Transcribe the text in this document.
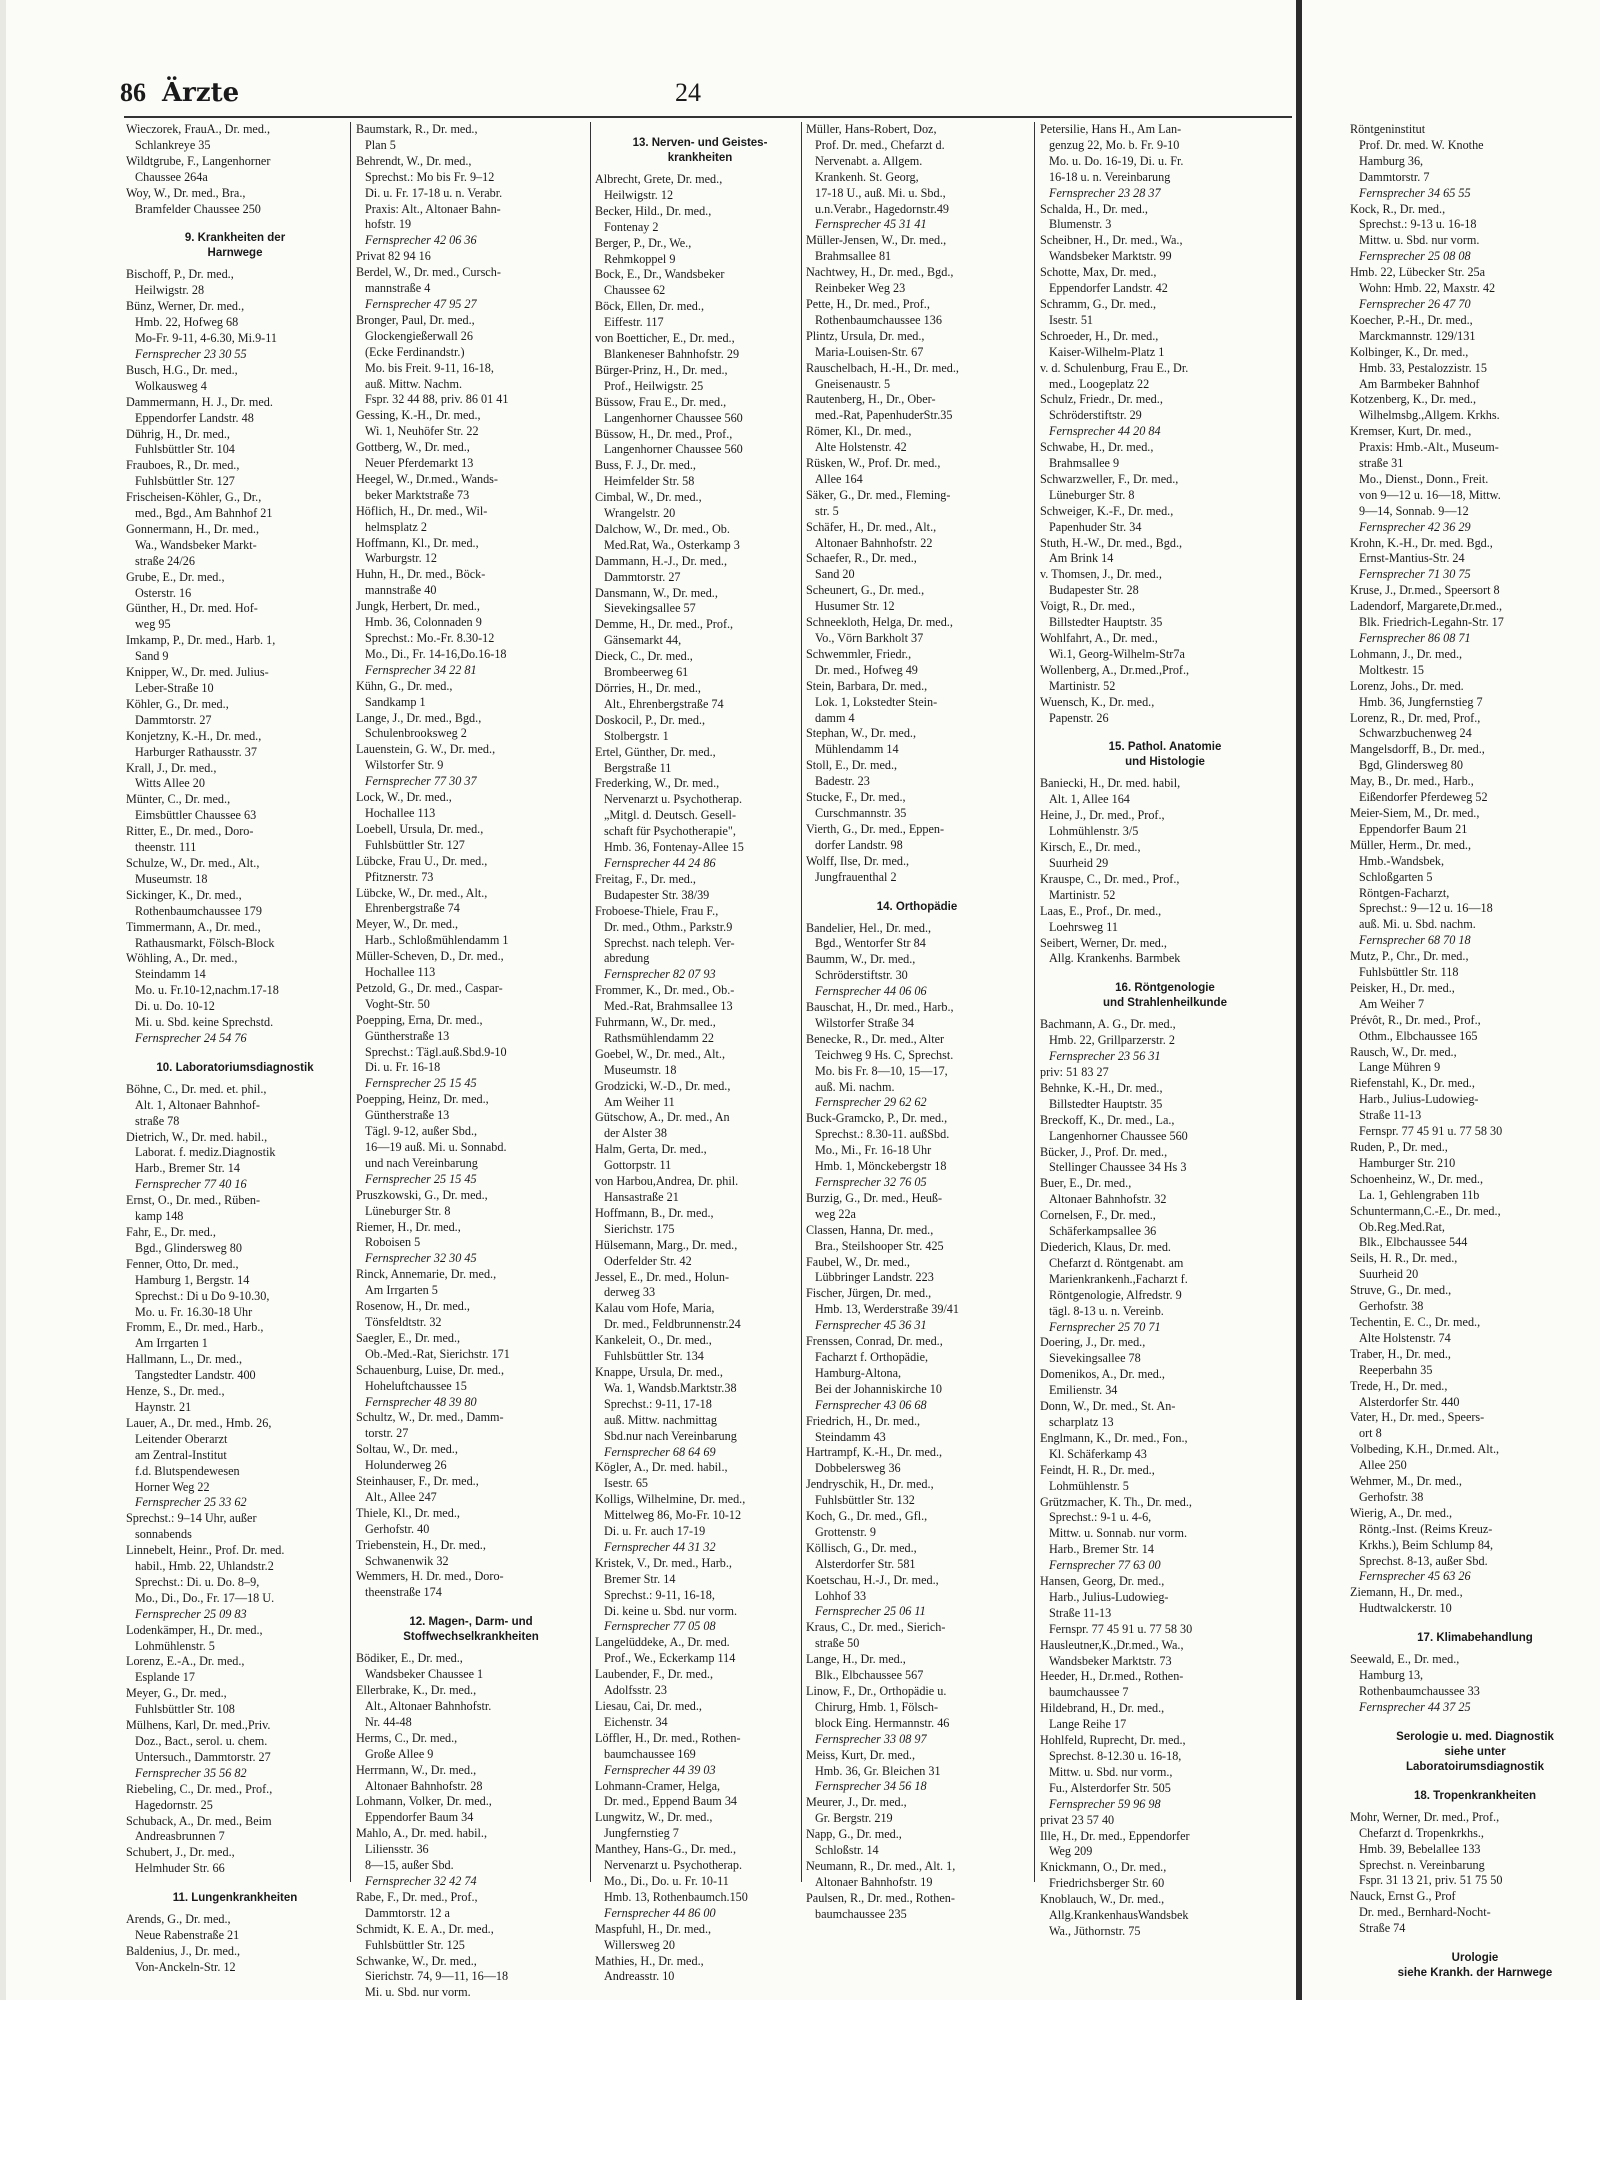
86 Ärzte	24
Wieczorek, FrauA., Dr. med.,
Schlankreye 35
Wildtgrube, F., Langenhorner
Chaussee 264a
Woy, W., Dr. med., Bra.,
Bramfelder Chaussee 250
9. Krankheiten der
Harnwege
Bischoff, P., Dr. med.,
Heilwigstr. 28
Bünz, Werner, Dr. med.,
Hmb. 22, Hofweg 68
Mo-Fr. 9-11, 4-6.30, Mi.9-11
Fernsprecher 23 30 55
Busch, H.G., Dr. med.,
Wolkausweg 4
Dammermann, H. J., Dr. med.
Eppendorfer Landstr. 48
Dührig, H., Dr. med.,
Fuhlsbüttler Str. 104
Frauboes, R., Dr. med.,
Fuhlsbüttler Str. 127
Frischeisen-Köhler, G., Dr.,
med., Bgd., Am Bahnhof 21
Gonnermann, H., Dr. med.,
Wa., Wandsbeker Markt-
straße 24/26
Grube, E., Dr. med.,
Osterstr. 16
Günther, H., Dr. med. Hof-
weg 95
Imkamp, P., Dr. med., Harb. 1,
Sand 9
Knipper, W., Dr. med. Julius-
Leber-Straße 10
Köhler, G., Dr. med.,
Dammtorstr. 27
Konjetzny, K.-H., Dr. med.,
Harburger Rathausstr. 37
Krall, J., Dr. med.,
Witts Allee 20
Münter, C., Dr. med.,
Eimsbüttler Chaussee 63
Ritter, E., Dr. med., Doro-
theenstr. 111
Schulze, W., Dr. med., Alt.,
Museumstr. 18
Sickinger, K., Dr. med.,
Rothenbaumchaussee 179
Timmermann, A., Dr. med.,
Rathausmarkt, Fölsch-Block
Wöhling, A., Dr. med.,
Steindamm 14
Mo. u. Fr.10-12,nachm.17-18
Di. u. Do. 10-12
Mi. u. Sbd. keine Sprechstd.
Fernsprecher 24 54 76
10. Laboratoriumsdiagnostik
Böhne, C., Dr. med. et. phil.,
Alt. 1, Altonaer Bahnhof-
straße 78
Dietrich, W., Dr. med. habil.,
Laborat. f. mediz.Diagnostik
Harb., Bremer Str. 14
Fernsprecher 77 40 16
Ernst, O., Dr. med., Rüben-
kamp 148
Fahr, E., Dr. med.,
Bgd., Glindersweg 80
Fenner, Otto, Dr. med.,
Hamburg 1, Bergstr. 14
Sprechst.: Di u Do 9-10.30,
Mo. u. Fr. 16.30-18 Uhr
Fromm, E., Dr. med., Harb.,
Am Irrgarten 1
Hallmann, L., Dr. med.,
Tangstedter Landstr. 400
Henze, S., Dr. med.,
Haynstr. 21
Lauer, A., Dr. med., Hmb. 26,
Leitender Oberarzt
am Zentral-Institut
f.d. Blutspendewesen
Horner Weg 22
Fernsprecher 25 33 62
Sprechst.: 9–14 Uhr, außer
sonnabends
Linnebelt, Heinr., Prof. Dr. med.
habil., Hmb. 22, Uhlandstr.2
Sprechst.: Di. u. Do. 8–9,
Mo., Di., Do., Fr. 17—18 U.
Fernsprecher 25 09 83
Lodenkämper, H., Dr. med.,
Lohmühlenstr. 5
Lorenz, E.-A., Dr. med.,
Esplande 17
Meyer, G., Dr. med.,
Fuhlsbüttler Str. 108
Mülhens, Karl, Dr. med.,Priv.
Doz., Bact., serol. u. chem.
Untersuch., Dammtorstr. 27
Fernsprecher 35 56 82
Riebeling, C., Dr. med., Prof.,
Hagedornstr. 25
Schuback, A., Dr. med., Beim
Andreasbrunnen 7
Schubert, J., Dr. med.,
Helmhuder Str. 66
11. Lungenkrankheiten
Arends, G., Dr. med.,
Neue Rabenstraße 21
Baldenius, J., Dr. med.,
Von-Anckeln-Str. 12
Baumstark, R., Dr. med.,
Plan 5
Behrendt, W., Dr. med.,
Sprechst.: Mo bis Fr. 9–12
Di. u. Fr. 17-18 u. n. Verabr.
Praxis: Alt., Altonaer Bahn-
hofstr. 19
Fernsprecher 42 06 36
Privat 82 94 16
Berdel, W., Dr. med., Cursch-
mannstraße 4
Fernsprecher 47 95 27
Bronger, Paul, Dr. med.,
Glockengießerwall 26
(Ecke Ferdinandstr.)
Mo. bis Freit. 9-11, 16-18,
auß. Mittw. Nachm.
Fspr. 32 44 88, priv. 86 01 41
Gessing, K.-H., Dr. med.,
Wi. 1, Neuhöfer Str. 22
Gottberg, W., Dr. med.,
Neuer Pferdemarkt 13
Heegel, W., Dr.med., Wands-
beker Marktstraße 73
Höflich, H., Dr. med., Wil-
helmsplatz 2
Hoffmann, Kl., Dr. med.,
Warburgstr. 12
Huhn, H., Dr. med., Böck-
mannstraße 40
Jungk, Herbert, Dr. med.,
Hmb. 36, Colonnaden 9
Sprechst.: Mo.-Fr. 8.30-12
Mo., Di., Fr. 14-16,Do.16-18
Fernsprecher 34 22 81
Kühn, G., Dr. med.,
Sandkamp 1
Lange, J., Dr. med., Bgd.,
Schulenbrooksweg 2
Lauenstein, G. W., Dr. med.,
Wilstorfer Str. 9
Fernsprecher 77 30 37
Lock, W., Dr. med.,
Hochallee 113
Loebell, Ursula, Dr. med.,
Fuhlsbüttler Str. 127
Lübcke, Frau U., Dr. med.,
Pfitznerstr. 73
Lübcke, W., Dr. med., Alt.,
Ehrenbergstraße 74
Meyer, W., Dr. med.,
Harb., Schloßmühlendamm 1
Müller-Scheven, D., Dr. med.,
Hochallee 113
Petzold, G., Dr. med., Caspar-
Voght-Str. 50
Poepping, Erna, Dr. med.,
Güntherstraße 13
Sprechst.: Tägl.auß.Sbd.9-10
Di. u. Fr. 16-18
Fernsprecher 25 15 45
Poepping, Heinz, Dr. med.,
Güntherstraße 13
Tägl. 9-12, außer Sbd.,
16—19 auß. Mi. u. Sonnabd.
und nach Vereinbarung
Fernsprecher 25 15 45
Pruszkowski, G., Dr. med.,
Lüneburger Str. 8
Riemer, H., Dr. med.,
Roboisen 5
Fernsprecher 32 30 45
Rinck, Annemarie, Dr. med.,
Am Irrgarten 5
Rosenow, H., Dr. med.,
Tönsfeldtstr. 32
Saegler, E., Dr. med.,
Ob.-Med.-Rat, Sierichstr. 171
Schauenburg, Luise, Dr. med.,
Hoheluftchaussee 15
Fernsprecher 48 39 80
Schultz, W., Dr. med., Damm-
torstr. 27
Soltau, W., Dr. med.,
Holunderweg 26
Steinhauser, F., Dr. med.,
Alt., Allee 247
Thiele, Kl., Dr. med.,
Gerhofstr. 40
Triebenstein, H., Dr. med.,
Schwanenwik 32
Wemmers, H. Dr. med., Doro-
theenstraße 174
12. Magen-, Darm- und
Stoffwechselkrankheiten
Bödiker, E., Dr. med.,
Wandsbeker Chaussee 1
Ellerbrake, K., Dr. med.,
Alt., Altonaer Bahnhofstr.
Nr. 44-48
Herms, C., Dr. med.,
Große Allee 9
Herrmann, W., Dr. med.,
Altonaer Bahnhofstr. 28
Lohmann, Volker, Dr. med.,
Eppendorfer Baum 34
Mahlo, A., Dr. med. habil.,
Liliensstr. 36
8—15, außer Sbd.
Fernsprecher 32 42 74
Rabe, F., Dr. med., Prof.,
Dammtorstr. 12 a
Schmidt, K. E. A., Dr. med.,
Fuhlsbüttler Str. 125
Schwanke, W., Dr. med.,
Sierichstr. 74, 9—11, 16—18
Mi. u. Sbd. nur vorm.
13. Nerven- und Geistes-
krankheiten
Albrecht, Grete, Dr. med.,
Heilwigstr. 12
Becker, Hild., Dr. med.,
Fontenay 2
Berger, P., Dr., We.,
Rehmkoppel 9
Bock, E., Dr., Wandsbeker
Chaussee 62
Böck, Ellen, Dr. med.,
Eiffestr. 117
von Boetticher, E., Dr. med.,
Blankeneser Bahnhofstr. 29
Bürger-Prinz, H., Dr. med.,
Prof., Heilwigstr. 25
Büssow, Frau E., Dr. med.,
Langenhorner Chaussee 560
Büssow, H., Dr. med., Prof.,
Langenhorner Chaussee 560
Buss, F. J., Dr. med.,
Heimfelder Str. 58
Cimbal, W., Dr. med.,
Wrangelstr. 20
Dalchow, W., Dr. med., Ob.
Med.Rat, Wa., Osterkamp 3
Dammann, H.-J., Dr. med.,
Dammtorstr. 27
Dansmann, W., Dr. med.,
Sievekingsallee 57
Demme, H., Dr. med., Prof.,
Gänsemarkt 44,
Dieck, C., Dr. med.,
Brombeerweg 61
Dörries, H., Dr. med.,
Alt., Ehrenbergstraße 74
Doskocil, P., Dr. med.,
Stolbergstr. 1
Ertel, Günther, Dr. med.,
Bergstraße 11
Frederking, W., Dr. med.,
Nervenarzt u. Psychotherap.
„Mitgl. d. Deutsch. Gesell-
schaft für Psychotherapie",
Hmb. 36, Fontenay-Allee 15
Fernsprecher 44 24 86
Freitag, F., Dr. med.,
Budapester Str. 38/39
Froboese-Thiele, Frau F.,
Dr. med., Othm., Parkstr.9
Sprechst. nach teleph. Ver-
abredung
Fernsprecher 82 07 93
Frommer, K., Dr. med., Ob.-
Med.-Rat, Brahmsallee 13
Fuhrmann, W., Dr. med.,
Rathsmühlendamm 22
Goebel, W., Dr. med., Alt.,
Museumstr. 18
Grodzicki, W.-D., Dr. med.,
Am Weiher 11
Gütschow, A., Dr. med., An
der Alster 38
Halm, Gerta, Dr. med.,
Gottorpstr. 11
von Harbou,Andrea, Dr. phil.
Hansastraße 21
Hoffmann, B., Dr. med.,
Sierichstr. 175
Hülsemann, Marg., Dr. med.,
Oderfelder Str. 42
Jessel, E., Dr. med., Holun-
derweg 33
Kalau vom Hofe, Maria,
Dr. med., Feldbrunnenstr.24
Kankeleit, O., Dr. med.,
Fuhlsbüttler Str. 134
Knappe, Ursula, Dr. med.,
Wa. 1, Wandsb.Marktstr.38
Sprechst.: 9-11, 17-18
auß. Mittw. nachmittag
Sbd.nur nach Vereinbarung
Fernsprecher 68 64 69
Kögler, A., Dr. med. habil.,
Isestr. 65
Kolligs, Wilhelmine, Dr. med.,
Mittelweg 86, Mo-Fr. 10-12
Di. u. Fr. auch 17-19
Fernsprecher 44 31 32
Kristek, V., Dr. med., Harb.,
Bremer Str. 14
Sprechst.: 9-11, 16-18,
Di. keine u. Sbd. nur vorm.
Fernsprecher 77 05 08
Langelüddeke, A., Dr. med.
Prof., We., Eckerkamp 114
Laubender, F., Dr. med.,
Adolfsstr. 23
Liesau, Cai, Dr. med.,
Eichenstr. 34
Löffler, H., Dr. med., Rothen-
baumchaussee 169
Fernsprecher 44 39 03
Lohmann-Cramer, Helga,
Dr. med., Eppend Baum 34
Lungwitz, W., Dr. med.,
Jungfernstieg 7
Manthey, Hans-G., Dr. med.,
Nervenarzt u. Psychotherap.
Mo., Di., Do. u. Fr. 10-11
Hmb. 13, Rothenbaumch.150
Fernsprecher 44 86 00
Maspfuhl, H., Dr. med.,
Willersweg 20
Mathies, H., Dr. med.,
Andreasstr. 10
Müller, Hans-Robert, Doz,
Prof. Dr. med., Chefarzt d.
Nervenabt. a. Allgem.
Krankenh. St. Georg,
17-18 U., auß. Mi. u. Sbd.,
u.n.Verabr., Hagedornstr.49
Fernsprecher 45 31 41
Müller-Jensen, W., Dr. med.,
Brahmsallee 81
Nachtwey, H., Dr. med., Bgd.,
Reinbeker Weg 23
Pette, H., Dr. med., Prof.,
Rothenbaumchaussee 136
Plintz, Ursula, Dr. med.,
Maria-Louisen-Str. 67
Rauschelbach, H.-H., Dr. med.,
Gneisenaustr. 5
Rautenberg, H., Dr., Ober-
med.-Rat, PapenhuderStr.35
Römer, Kl., Dr. med.,
Alte Holstenstr. 42
Rüsken, W., Prof. Dr. med.,
Allee 164
Säker, G., Dr. med., Fleming-
str. 5
Schäfer, H., Dr. med., Alt.,
Altonaer Bahnhofstr. 22
Schaefer, R., Dr. med.,
Sand 20
Scheunert, G., Dr. med.,
Husumer Str. 12
Schneekloth, Helga, Dr. med.,
Vo., Vörn Barkholt 37
Schwemmler, Friedr.,
Dr. med., Hofweg 49
Stein, Barbara, Dr. med.,
Lok. 1, Lokstedter Stein-
damm 4
Stephan, W., Dr. med.,
Mühlendamm 14
Stoll, E., Dr. med.,
Badestr. 23
Stucke, F., Dr. med.,
Curschmannstr. 35
Vierth, G., Dr. med., Eppen-
dorfer Landstr. 98
Wolff, Ilse, Dr. med.,
Jungfrauenthal 2
14. Orthopädie
Bandelier, Hel., Dr. med.,
Bgd., Wentorfer Str 84
Baumm, W., Dr. med.,
Schröderstiftstr. 30
Fernsprecher 44 06 06
Bauschat, H., Dr. med., Harb.,
Wilstorfer Straße 34
Benecke, R., Dr. med., Alter
Teichweg 9 Hs. C, Sprechst.
Mo. bis Fr. 8—10, 15—17,
auß. Mi. nachm.
Fernsprecher 29 62 62
Buck-Gramcko, P., Dr. med.,
Sprechst.: 8.30-11. außSbd.
Mo., Mi., Fr. 16-18 Uhr
Hmb. 1, Mönckebergstr 18
Fernsprecher 32 76 05
Burzig, G., Dr. med., Heuß-
weg 22a
Classen, Hanna, Dr. med.,
Bra., Steilshooper Str. 425
Faubel, W., Dr. med.,
Lübbringer Landstr. 223
Fischer, Jürgen, Dr. med.,
Hmb. 13, Werderstraße 39/41
Fernsprecher 45 36 31
Frenssen, Conrad, Dr. med.,
Facharzt f. Orthopädie,
Hamburg-Altona,
Bei der Johanniskirche 10
Fernsprecher 43 06 68
Friedrich, H., Dr. med.,
Steindamm 43
Hartrampf, K.-H., Dr. med.,
Dobbelersweg 36
Jendryschik, H., Dr. med.,
Fuhlsbüttler Str. 132
Koch, G., Dr. med., Gfl.,
Grottenstr. 9
Köllisch, G., Dr. med.,
Alsterdorfer Str. 581
Koetschau, H.-J., Dr. med.,
Lohhof 33
Fernsprecher 25 06 11
Kraus, C., Dr. med., Sierich-
straße 50
Lange, H., Dr. med.,
Blk., Elbchaussee 567
Linow, F., Dr., Orthopädie u.
Chirurg, Hmb. 1, Fölsch-
block Eing. Hermannstr. 46
Fernsprecher 33 08 97
Meiss, Kurt, Dr. med.,
Hmb. 36, Gr. Bleichen 31
Fernsprecher 34 56 18
Meurer, J., Dr. med.,
Gr. Bergstr. 219
Napp, G., Dr. med.,
Schloßstr. 14
Neumann, R., Dr. med., Alt. 1,
Altonaer Bahnhofstr. 19
Paulsen, R., Dr. med., Rothen-
baumchaussee 235
Petersilie, Hans H., Am Lan-
genzug 22, Mo. b. Fr. 9-10
Mo. u. Do. 16-19, Di. u. Fr.
16-18 u. n. Vereinbarung
Fernsprecher 23 28 37
Schalda, H., Dr. med.,
Blumenstr. 3
Scheibner, H., Dr. med., Wa.,
Wandsbeker Marktstr. 99
Schotte, Max, Dr. med.,
Eppendorfer Landstr. 42
Schramm, G., Dr. med.,
Isestr. 51
Schroeder, H., Dr. med.,
Kaiser-Wilhelm-Platz 1
v. d. Schulenburg, Frau E., Dr.
med., Loogeplatz 22
Schulz, Friedr., Dr. med.,
Schröderstiftstr. 29
Fernsprecher 44 20 84
Schwabe, H., Dr. med.,
Brahmsallee 9
Schwarzweller, F., Dr. med.,
Lüneburger Str. 8
Schweiger, K.-F., Dr. med.,
Papenhuder Str. 34
Stuth, H.-W., Dr. med., Bgd.,
Am Brink 14
v. Thomsen, J., Dr. med.,
Budapester Str. 28
Voigt, R., Dr. med.,
Billstedter Hauptstr. 35
Wohlfahrt, A., Dr. med.,
Wi.1, Georg-Wilhelm-Str7a
Wollenberg, A., Dr.med.,Prof.,
Martinistr. 52
Wuensch, K., Dr. med.,
Papenstr. 26
15. Pathol. Anatomie
und Histologie
Baniecki, H., Dr. med. habil,
Alt. 1, Allee 164
Heine, J., Dr. med., Prof.,
Lohmühlenstr. 3/5
Kirsch, E., Dr. med.,
Suurheid 29
Krauspe, C., Dr. med., Prof.,
Martinistr. 52
Laas, E., Prof., Dr. med.,
Loehrsweg 11
Seibert, Werner, Dr. med.,
Allg. Krankenhs. Barmbek
16. Röntgenologie
und Strahlenheilkunde
Bachmann, A. G., Dr. med.,
Hmb. 22, Grillparzerstr. 2
Fernsprecher 23 56 31
priv: 51 83 27
Behnke, K.-H., Dr. med.,
Billstedter Hauptstr. 35
Breckoff, K., Dr. med., La.,
Langenhorner Chaussee 560
Bücker, J., Prof. Dr. med.,
Stellinger Chaussee 34 Hs 3
Buer, E., Dr. med.,
Altonaer Bahnhofstr. 32
Cornelsen, F., Dr. med.,
Schäferkampsallee 36
Diederich, Klaus, Dr. med.
Chefarzt d. Röntgenabt. am
Marienkrankenh.,Facharzt f.
Röntgenologie, Alfredstr. 9
tägl. 8-13 u. n. Vereinb.
Fernsprecher 25 70 71
Doering, J., Dr. med.,
Sievekingsallee 78
Domenikos, A., Dr. med.,
Emilienstr. 34
Donn, W., Dr. med., St. An-
scharplatz 13
Englmann, K., Dr. med., Fon.,
Kl. Schäferkamp 43
Feindt, H. R., Dr. med.,
Lohmühlenstr. 5
Grützmacher, K. Th., Dr. med.,
Sprechst.: 9-1 u. 4-6,
Mittw. u. Sonnab. nur vorm.
Harb., Bremer Str. 14
Fernsprecher 77 63 00
Hansen, Georg, Dr. med.,
Harb., Julius-Ludowieg-
Straße 11-13
Fernspr. 77 45 91 u. 77 58 30
Hausleutner,K.,Dr.med., Wa.,
Wandsbeker Marktstr. 73
Heeder, H., Dr.med., Rothen-
baumchaussee 7
Hildebrand, H., Dr. med.,
Lange Reihe 17
Hohlfeld, Ruprecht, Dr. med.,
Sprechst. 8-12.30 u. 16-18,
Mittw. u. Sbd. nur vorm.,
Fu., Alsterdorfer Str. 505
Fernsprecher 59 96 98
privat 23 57 40
Ille, H., Dr. med., Eppendorfer
Weg 209
Knickmann, O., Dr. med.,
Friedrichsberger Str. 60
Knoblauch, W., Dr. med.,
Allg.KrankenhausWandsbek
Wa., Jüthornstr. 75
Röntgeninstitut
Prof. Dr. med. W. Knothe
Hamburg 36,
Dammtorstr. 7
Fernsprecher 34 65 55
Kock, R., Dr. med.,
Sprechst.: 9-13 u. 16-18
Mittw. u. Sbd. nur vorm.
Fernsprecher 25 08 08
Hmb. 22, Lübecker Str. 25a
Wohn: Hmb. 22, Maxstr. 42
Fernsprecher 26 47 70
Koecher, P.-H., Dr. med.,
Marckmannstr. 129/131
Kolbinger, K., Dr. med.,
Hmb. 33, Pestalozzistr. 15
Am Barmbeker Bahnhof
Kotzenberg, K., Dr. med.,
Wilhelmsbg.,Allgem. Krkhs.
Kremser, Kurt, Dr. med.,
Praxis: Hmb.-Alt., Museum-
straße 31
Mo., Dienst., Donn., Freit.
von 9—12 u. 16—18, Mittw.
9—14, Sonnab. 9—12
Fernsprecher 42 36 29
Krohn, K.-H., Dr. med. Bgd.,
Ernst-Mantius-Str. 24
Fernsprecher 71 30 75
Kruse, J., Dr.med., Speersort 8
Ladendorf, Margarete,Dr.med.,
Blk. Friedrich-Legahn-Str. 17
Fernsprecher 86 08 71
Lohmann, J., Dr. med.,
Moltkestr. 15
Lorenz, Johs., Dr. med.
Hmb. 36, Jungfernstieg 7
Lorenz, R., Dr. med, Prof.,
Schwarzbuchenweg 24
Mangelsdorff, B., Dr. med.,
Bgd, Glindersweg 80
May, B., Dr. med., Harb.,
Eißendorfer Pferdeweg 52
Meier-Siem, M., Dr. med.,
Eppendorfer Baum 21
Müller, Herm., Dr. med.,
Hmb.-Wandsbek,
Schloßgarten 5
Röntgen-Facharzt,
Sprechst.: 9—12 u. 16—18
auß. Mi. u. Sbd. nachm.
Fernsprecher 68 70 18
Mutz, P., Chr., Dr. med.,
Fuhlsbüttler Str. 118
Peisker, H., Dr. med.,
Am Weiher 7
Prévôt, R., Dr. med., Prof.,
Othm., Elbchaussee 165
Rausch, W., Dr. med.,
Lange Mühren 9
Riefenstahl, K., Dr. med.,
Harb., Julius-Ludowieg-
Straße 11-13
Fernspr. 77 45 91 u. 77 58 30
Ruden, P., Dr. med.,
Hamburger Str. 210
Schoenheinz, W., Dr. med.,
La. 1, Gehlengraben 11b
Schuntermann,C.-E., Dr. med.,
Ob.Reg.Med.Rat,
Blk., Elbchaussee 544
Seils, H. R., Dr. med.,
Suurheid 20
Struve, G., Dr. med.,
Gerhofstr. 38
Techentin, E. C., Dr. med.,
Alte Holstenstr. 74
Traber, H., Dr. med.,
Reeperbahn 35
Trede, H., Dr. med.,
Alsterdorfer Str. 440
Vater, H., Dr. med., Speers-
ort 8
Volbeding, K.H., Dr.med. Alt.,
Allee 250
Wehmer, M., Dr. med.,
Gerhofstr. 38
Wierig, A., Dr. med.,
Röntg.-Inst. (Reims Kreuz-
Krkhs.), Beim Schlump 84,
Sprechst. 8-13, außer Sbd.
Fernsprecher 45 63 26
Ziemann, H., Dr. med.,
Hudtwalckerstr. 10
17. Klimabehandlung
Seewald, E., Dr. med.,
Hamburg 13,
Rothenbaumchaussee 33
Fernsprecher 44 37 25
Serologie u. med. Diagnostik
siehe unter
Laboratoirumsdiagnostik
18. Tropenkrankheiten
Mohr, Werner, Dr. med., Prof.,
Chefarzt d. Tropenkrkhs.,
Hmb. 39, Bebelallee 133
Sprechst. n. Vereinbarung
Fspr. 31 13 21, priv. 51 75 50
Nauck, Ernst G., Prof
Dr. med., Bernhard-Nocht-
Straße 74
Urologie
siehe Krankh. der Harnwege
